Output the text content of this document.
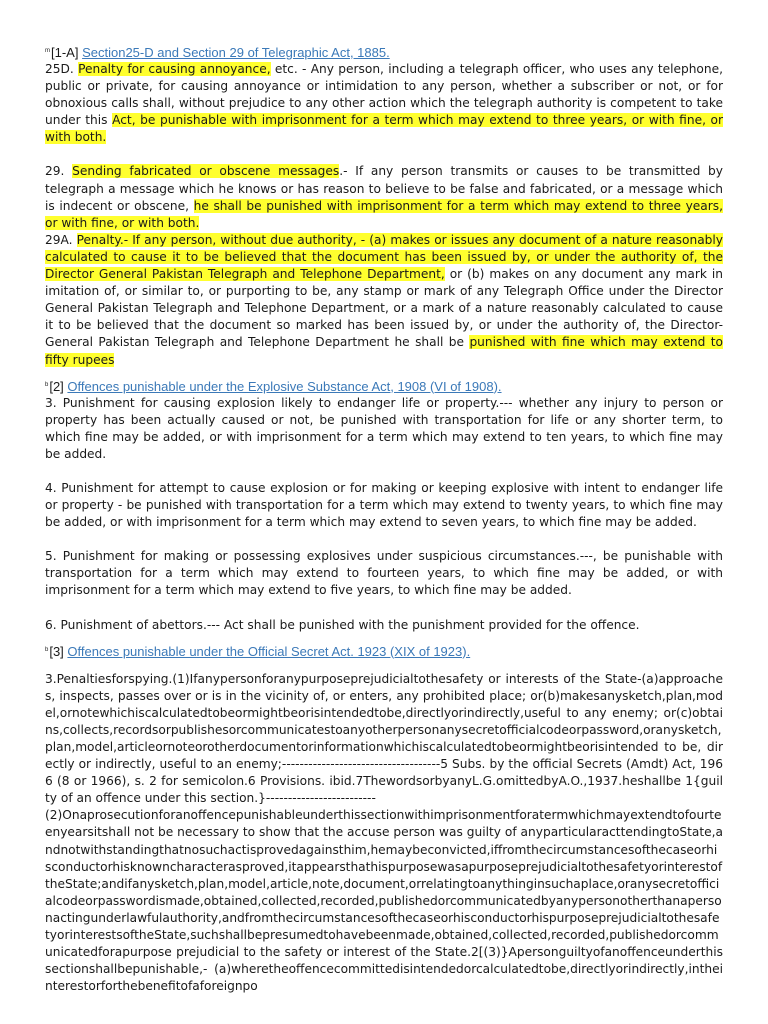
$^m$[1-A] Section25-D and Section 29 of Telegraphic Act, 1885.

25D. Penalty for causing annoyance, etc. - Any person, including a telegraph officer, who uses any telephone, public or private, for causing annoyance or intimidation to any person, whether a subscriber or not, or for obnoxious calls shall, without prejudice to any other action which the telegraph authority is competent to take under this Act, be punishable with imprisonment for a term which may extend to three years, or with fine, or with both.

29. Sending fabricated or obscene messages.- If any person transmits or causes to be transmitted by telegraph a message which he knows or has reason to believe to be false and fabricated, or a message which is indecent or obscene, he shall be punished with imprisonment for a term which may extend to three years, or with fine, or with both.

29A. Penalty.- If any person, without due authority, - (a) makes or issues any document of a nature reasonably calculated to cause it to be believed that the document has been issued by, or under the authority of, the Director General Pakistan Telegraph and Telephone Department, or (b) makes on any document any mark in imitation of, or similar to, or purporting to be, any stamp or mark of any Telegraph Office under the Director General Pakistan Telegraph and Telephone Department, or a mark of a nature reasonably calculated to cause it to be believed that the document so marked has been issued by, or under the authority of, the Director-General Pakistan Telegraph and Telephone Department he shall be punished with fine which may extend to fifty rupees

$^b$[2] Offences punishable under the Explosive Substance Act, 1908 (VI of 1908).

3. Punishment for causing explosion likely to endanger life or property.--- whether any injury to person or property has been actually caused or not, be punished with transportation for life or any shorter term, to which fine may be added, or with imprisonment for a term which may extend to ten years, to which fine may be added.

4. Punishment for attempt to cause explosion or for making or keeping explosive with intent to endanger life or property - be punished with transportation for a term which may extend to twenty years, to which fine may be added, or with imprisonment for a term which may extend to seven years, to which fine may be added.

5. Punishment for making or possessing explosives under suspicious circumstances.---, be punishable with transportation for a term which may extend to fourteen years, to which fine may be added, or with imprisonment for a term which may extend to five years, to which fine may be added.

6. Punishment of abettors.--- Act shall be punished with the punishment provided for the offence.

$^b$[3] Offences punishable under the Official Secret Act. 1923 (XIX of 1923).

3.Penaltiesforspying.(1)Ifanypersonforanypurposeprejudicialtothesafety or interests of the State-(a)approaches, inspects, passes over or is in the vicinity of, or enters, any prohibited place; or(b)makesanysketch,plan,model,ornotewhichiscalculatedtobeormightbeorisintendedtobe,directlyorindirectly,useful to any enemy; or(c)obtains,collects,recordsorpublishesorcommunicatestoanyotherpersonanysecretofficialcodeorpassword,oranysketch,plan,model,articleornoteorotherdocumentorinformationwhichiscalculatedtobeormightbeorisintended to be, directly or indirectly, useful to an enemy;------------------------------------5 Subs. by the official Secrets (Amdt) Act, 1966 (8 or 1966), s. 2 for semicolon.6 Provisions. ibid.7ThewordsorbyanyL.G.omittedbyA.O.,1937.heshallbe 1{guilty of an offence under this section.}-------------------------

(2)Onaprosecutionforanoffencepunishableunderthissectionwithimprisonmentforatermwhichmayextendtofourteenyearsitshall not be necessary to show that the accuse person was guilty of anyparticularacttendingtoState,andnotwithstandingthatnosuchactisprovedagainsthim,hemaybeconvicted,iffromthecircumstancesofthecaseorhisconductorhisknowncharacterasproved,itappearsthathispurposewasapurposeprejudicialtothesafetyorinterestoftheState;andifanysketch,plan,model,article,note,document,orrelatingtoanythinginsuchaplace,oranysecretofficialcodeorpasswordismade,obtained,collected,recorded,publishedorcommunicatedbyanypersonotherthanapersonactingunderlawfulauthority,andfromthecircumstancesofthecaseorhisconductorhispurposeprejudicialtothesafetyorinterestsoftheState,suchshallbepresumedtohavebeenmade,obtained,collected,recorded,publishedorcommunicatedforapurpose prejudicial to the safety or interest of the State.2[(3)}Apersonguiltyofanoffenceunderthissectionshallbepunishable,- (a)wheretheoffencecommittedisintendedorcalculatedtobe,directlyorindirectly,intheinterestorforthebenefitofaforeignpo
